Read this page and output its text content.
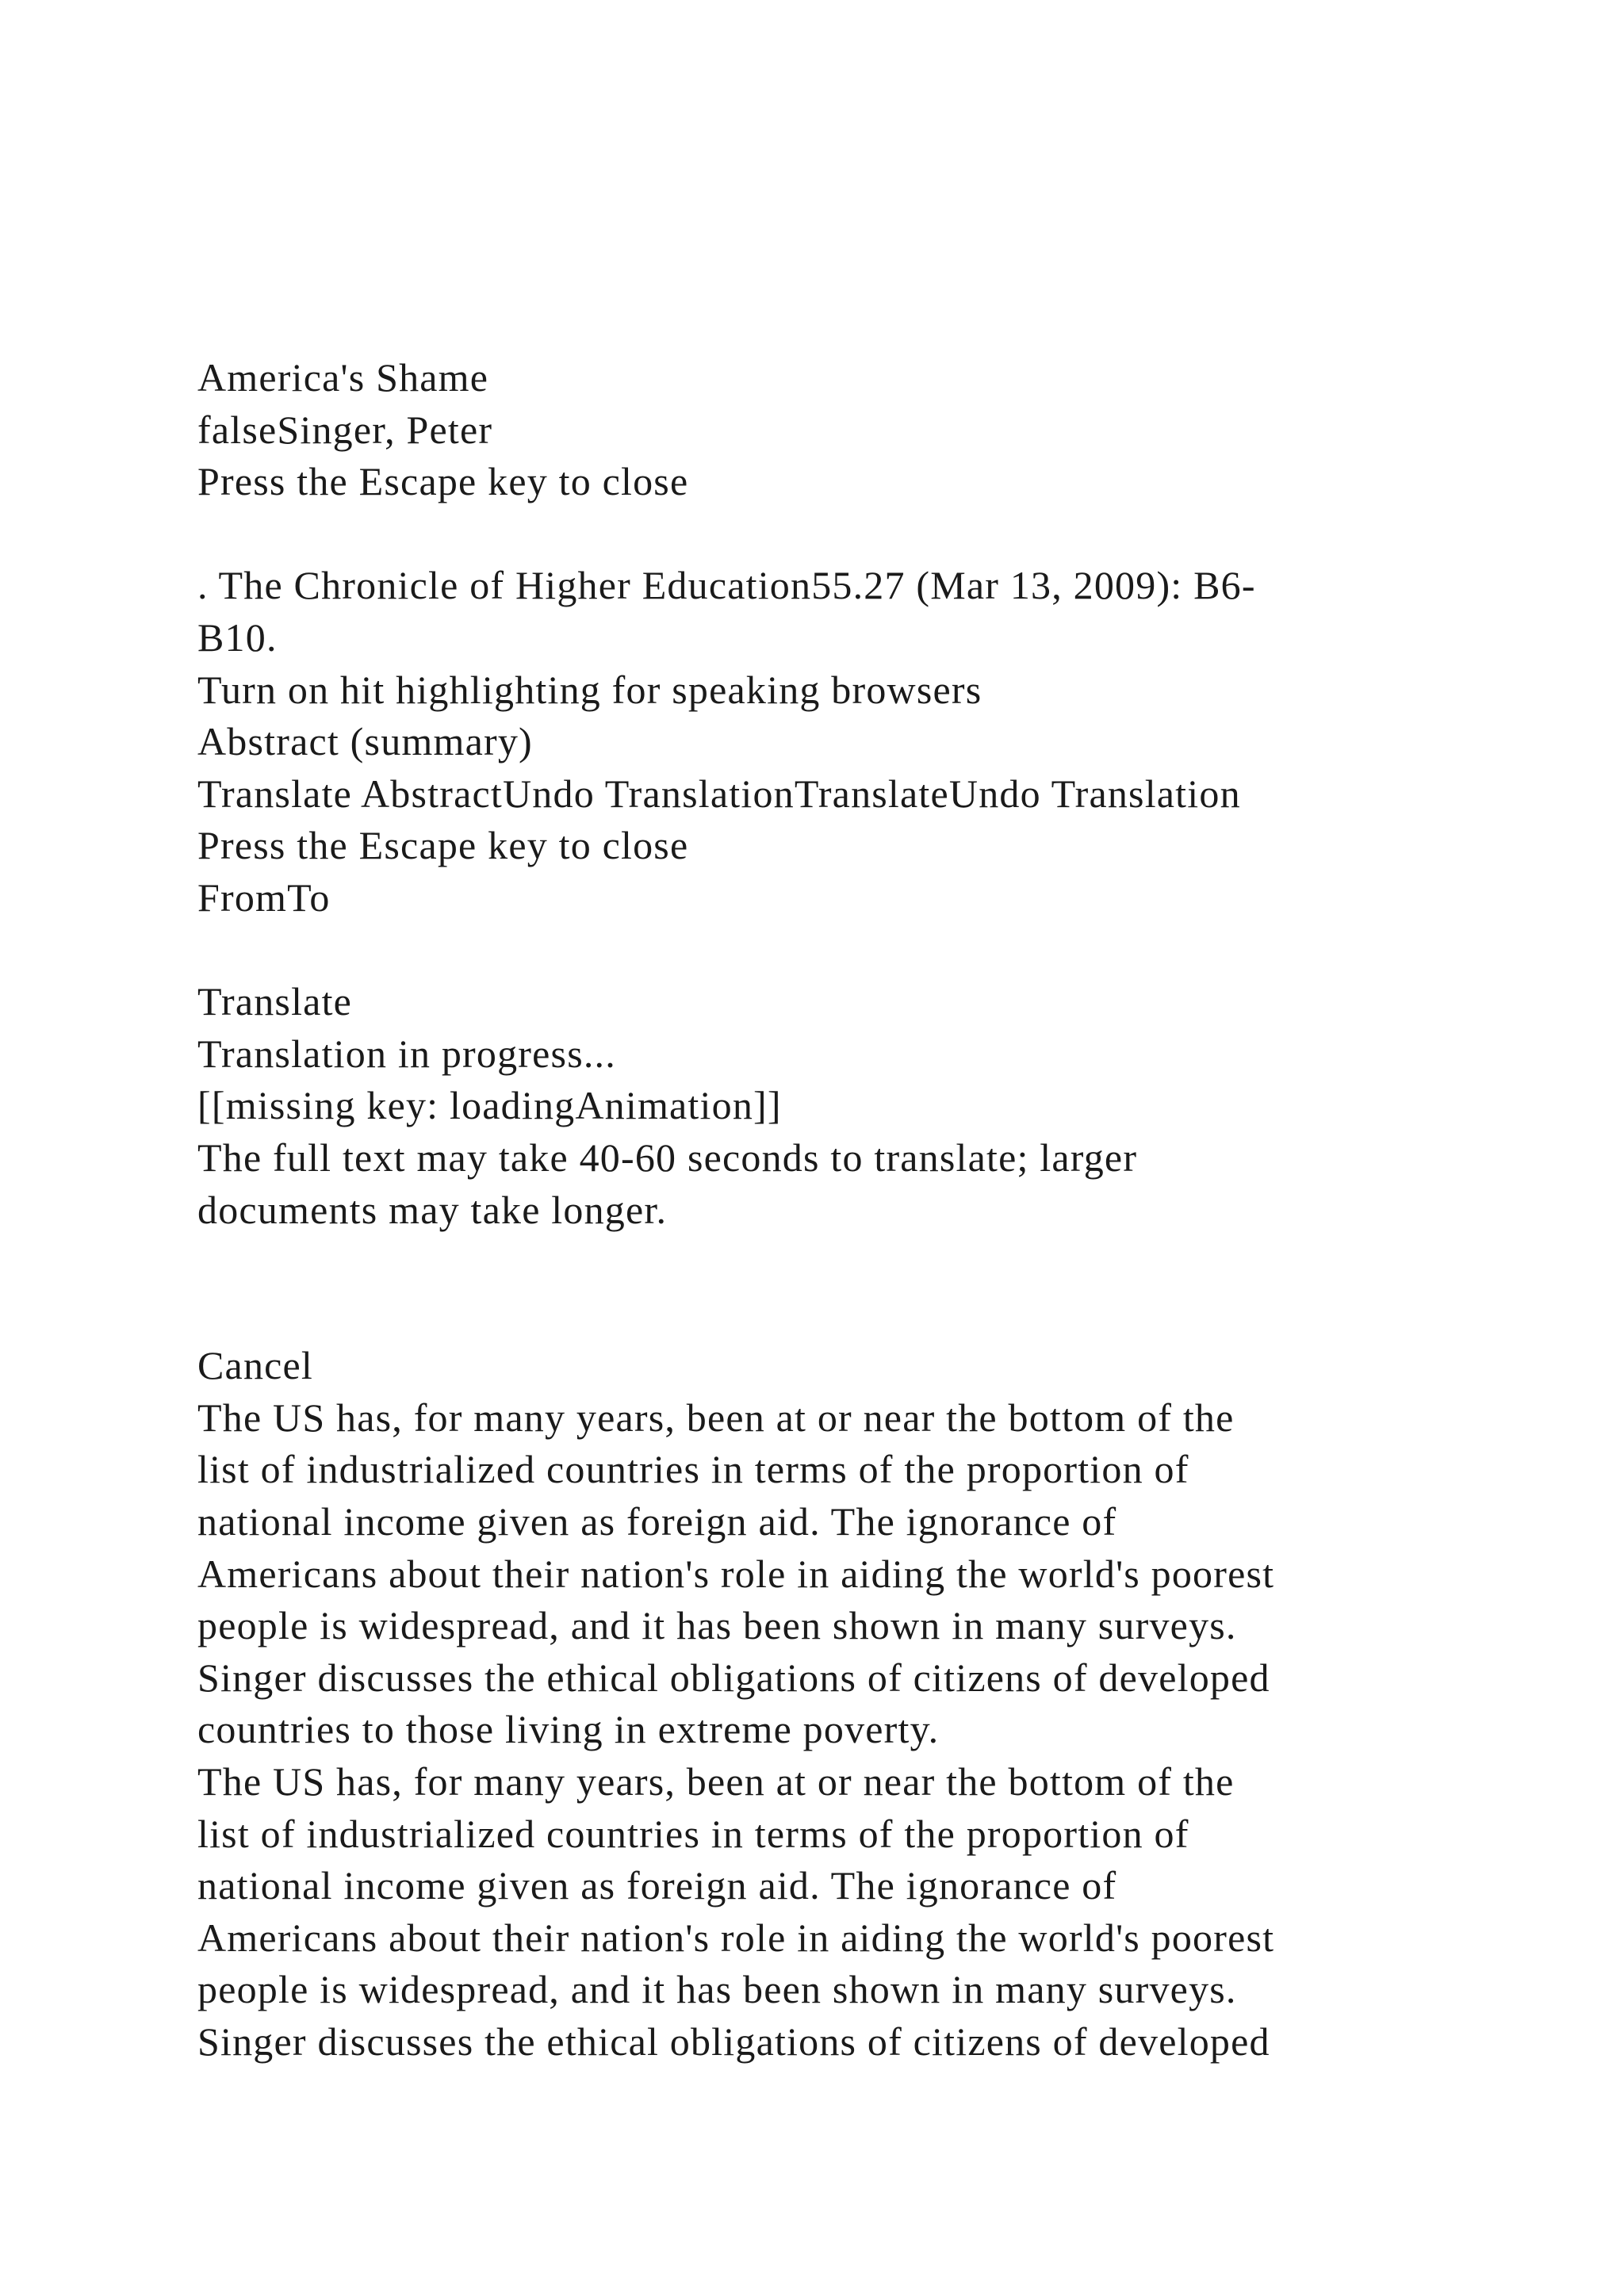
America's Shame
falseSinger, Peter
Press the Escape key to close
. The Chronicle of Higher Education55.27 (Mar 13, 2009): B6-
B10.
Turn on hit highlighting for speaking browsers
Abstract (summary)
Translate AbstractUndo TranslationTranslateUndo Translation
Press the Escape key to close
FromTo
Translate
Translation in progress...
[[missing key: loadingAnimation]]
The full text may take 40-60 seconds to translate; larger
documents may take longer.
Cancel
The US has, for many years, been at or near the bottom of the
list of industrialized countries in terms of the proportion of
national income given as foreign aid. The ignorance of
Americans about their nation's role in aiding the world's poorest
people is widespread, and it has been shown in many surveys.
Singer discusses the ethical obligations of citizens of developed
countries to those living in extreme poverty.
The US has, for many years, been at or near the bottom of the
list of industrialized countries in terms of the proportion of
national income given as foreign aid. The ignorance of
Americans about their nation's role in aiding the world's poorest
people is widespread, and it has been shown in many surveys.
Singer discusses the ethical obligations of citizens of developed
